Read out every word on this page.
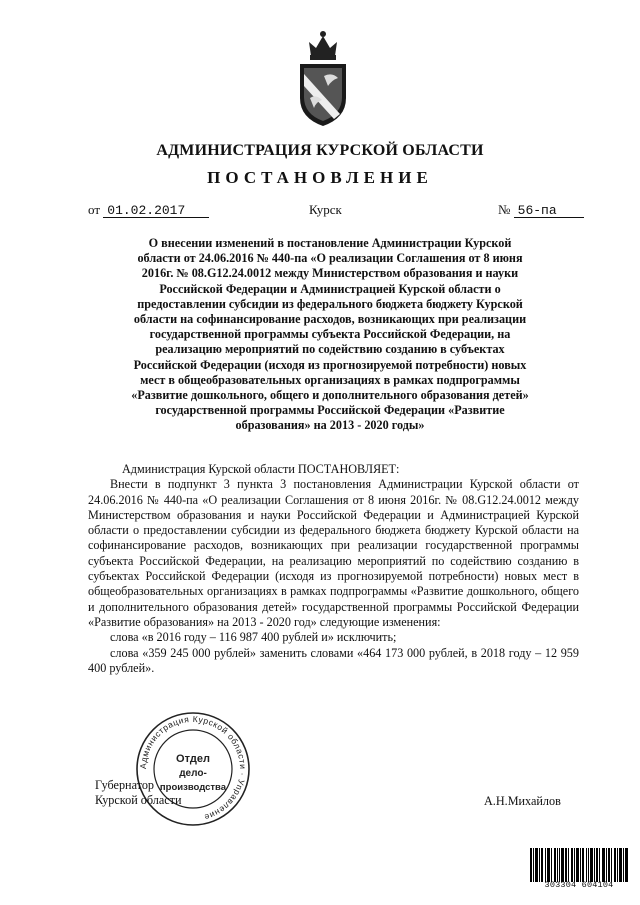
АДМИНИСТРАЦИЯ КУРСКОЙ ОБЛАСТИ
ПОСТАНОВЛЕНИЕ
от 01.02.2017	Курск	№ 56-па
О внесении изменений в постановление Администрации Курской
области от 24.06.2016 № 440-па «О реализации Соглашения от 8 июня
2016г. № 08.G12.24.0012 между Министерством образования и науки
Российской Федерации и Администрацией Курской области о
предоставлении субсидии из федерального бюджета бюджету Курской
области на софинансирование расходов, возникающих при реализации
государственной программы субъекта Российской Федерации, на
реализацию мероприятий по содействию созданию в субъектах
Российской Федерации (исходя из прогнозируемой потребности) новых
мест в общеобразовательных организациях в рамках подпрограммы
«Развитие дошкольного, общего и дополнительного образования детей»
государственной программы Российской Федерации «Развитие
образования» на 2013 - 2020 годы»

Администрация Курской области ПОСТАНОВЛЯЕТ:

Внести в подпункт 3 пункта 3 постановления Администрации Курской области от 24.06.2016 № 440-па «О реализации Соглашения от 8 июня 2016г. № 08.G12.24.0012 между Министерством образования и науки Российской Федерации и Администрацией Курской области о предоставлении субсидии из федерального бюджета бюджету Курской области на софинансирование расходов, возникающих при реализации государственной программы субъекта Российской Федерации, на реализацию мероприятий по содействию созданию в субъектах Российской Федерации (исходя из прогнозируемой потребности) новых мест в общеобразовательных организациях в рамках подпрограммы «Развитие дошкольного, общего и дополнительного образования детей» государственной программы Российской Федерации «Развитие образования» на 2013 - 2020 год» следующие изменения:

слова «в 2016 году – 116 987 400 рублей и» исключить;

слова «359 245 000 рублей» заменить словами «464 173 000 рублей, в 2018 году – 12 959 400 рублей».

Администрация Курской области · Управление
Отдел
дело-
производства
Губернатор
Курской области	А.Н.Михайлов
303304 604104
